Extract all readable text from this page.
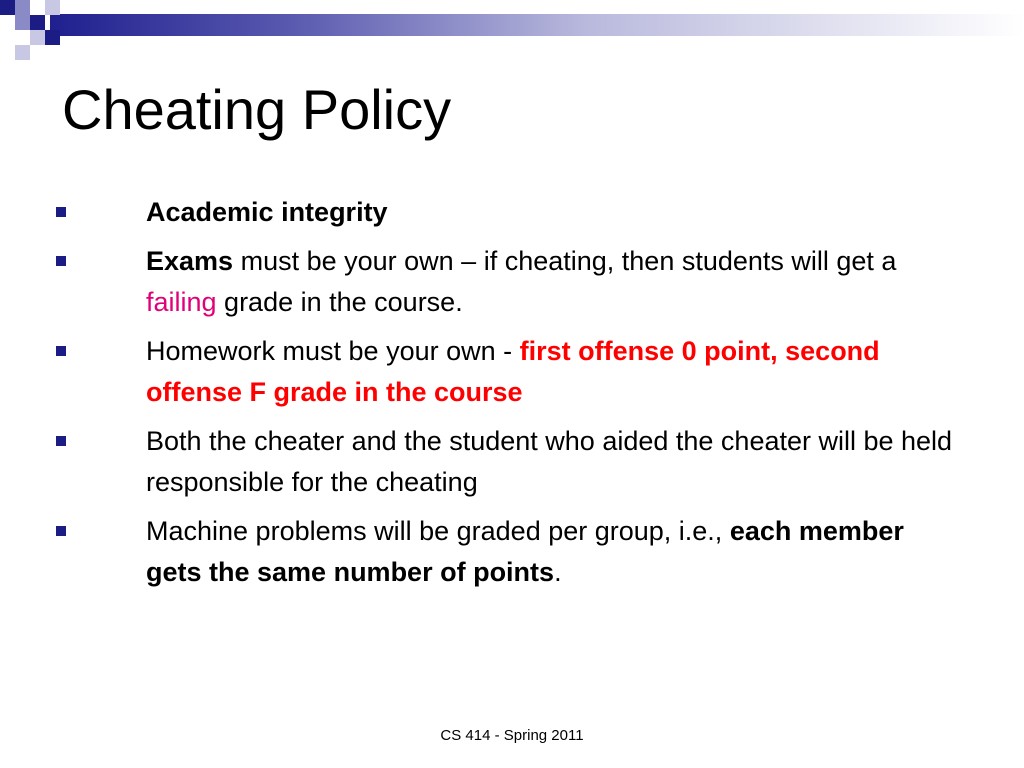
Cheating Policy
Academic integrity
Exams must be your own – if cheating, then students will get a failing grade in the course.
Homework must be your own - first offense 0 point, second offense F grade in the course
Both the cheater and the student who aided the cheater will be held responsible for the cheating
Machine problems will be graded per group, i.e., each member gets the same number of points.
CS 414 - Spring 2011
